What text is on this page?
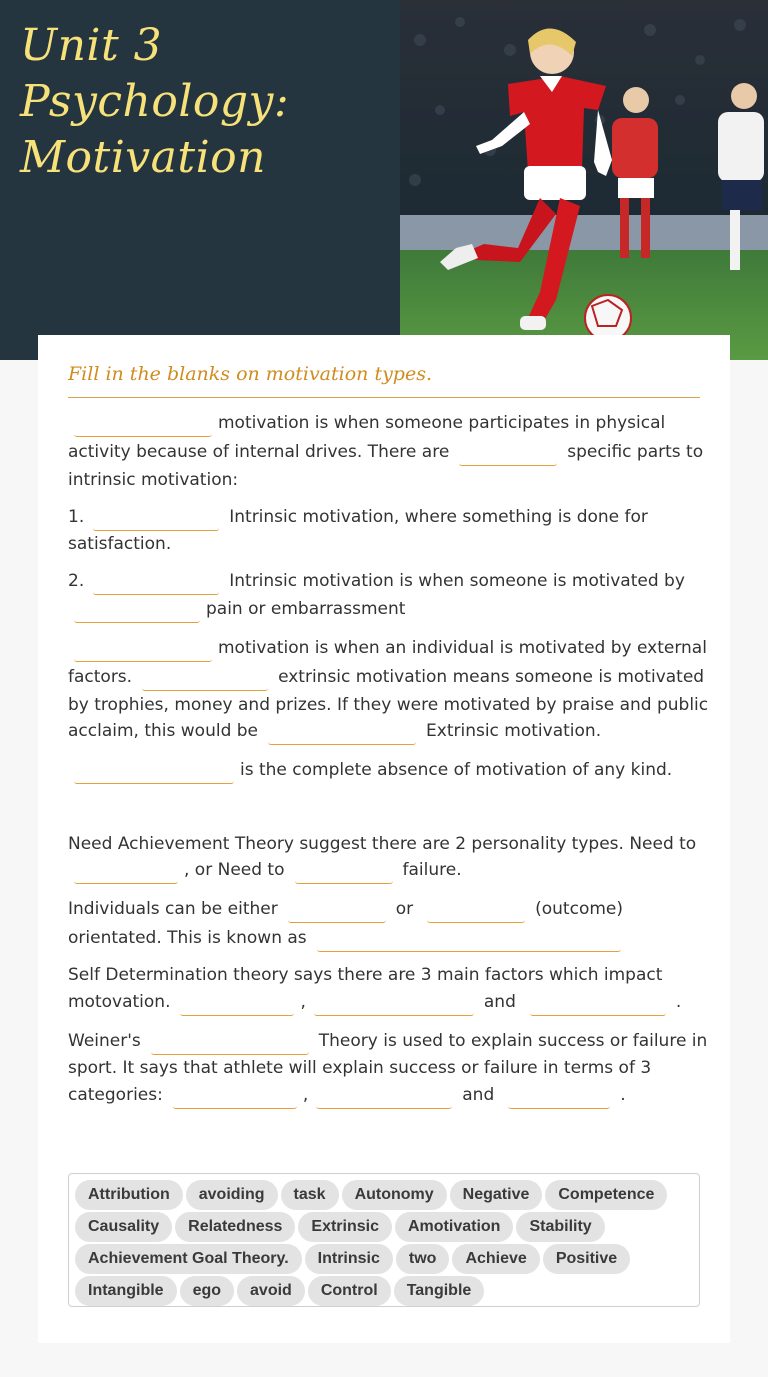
Unit 3
Psychology:
Motivation
Fill in the blanks on motivation types.
motivation is when someone participates in physical
activity because of internal drives. There are	specific parts to
intrinsic motivation:
1.	Intrinsic motivation, where something is done for
satisfaction.
2.	Intrinsic motivation is when someone is motivated by
pain or embarrassment
motivation is when an individual is motivated by external
factors.	extrinsic motivation means someone is motivated
by trophies, money and prizes. If they were motivated by praise and public
acclaim, this would be	Extrinsic motivation.
is the complete absence of motivation of any kind.
Need Achievement Theory suggest there are 2 personality types. Need to
, or Need to	failure.
Individuals can be either	or	(outcome)
orientated. This is known as
Self Determination theory says there are 3 main factors which impact
motovation.	,	and	.
Weiner's	Theory is used to explain success or failure in
sport. It says that athlete will explain success or failure in terms of 3
categories:	,	and	.
Attribution avoiding task Autonomy Negative Competence
Causality Relatedness Extrinsic Amotivation Stability
Achievement Goal Theory. Intrinsic two Achieve Positive
Intangible ego avoid Control Tangible
